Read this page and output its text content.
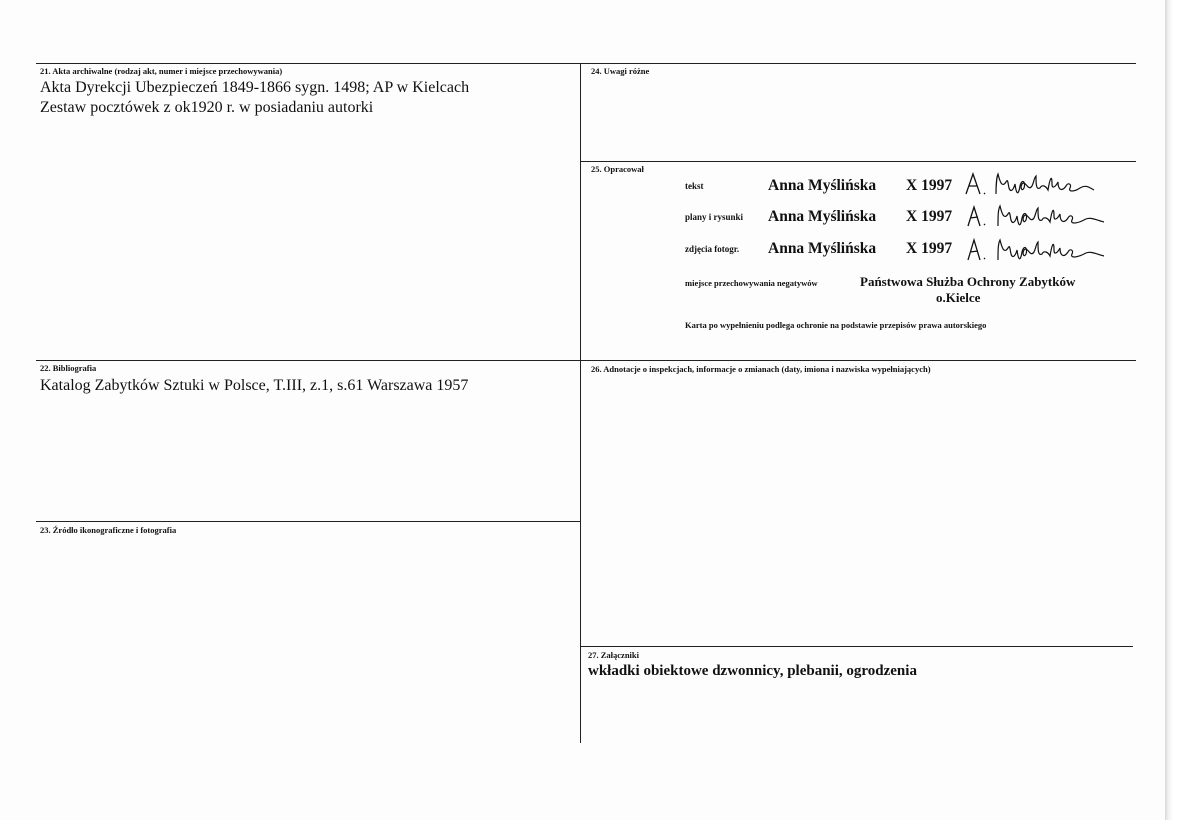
21. Akta archiwalne (rodzaj akt, numer i miejsce przechowywania)
Akta Dyrekcji Ubezpieczeń 1849-1866 sygn. 1498; AP w Kielcach
Zestaw pocztówek z ok1920 r. w posiadaniu autorki
22. Bibliografia
Katalog Zabytków Sztuki w Polsce, T.III, z.1, s.61 Warszawa 1957
23. Źródło ikonograficzne i fotografia
24. Uwagi różne
25. Opracował
tekst	Anna Myślińska X 1997
plany i rysunki Anna Myślińska X 1997
zdjęcia fotogr. Anna Myślińska X 1997
miejsce przechowywania negatywów	Państwowa Służba Ochrony Zabytków
o.Kielce
Karta po wypełnieniu podlega ochronie na podstawie przepisów prawa autorskiego
26. Adnotacje o inspekcjach, informacje o zmianach (daty, imiona i nazwiska wypełniających)
27. Załączniki
wkładki obiektowe dzwonnicy, plebanii, ogrodzenia
